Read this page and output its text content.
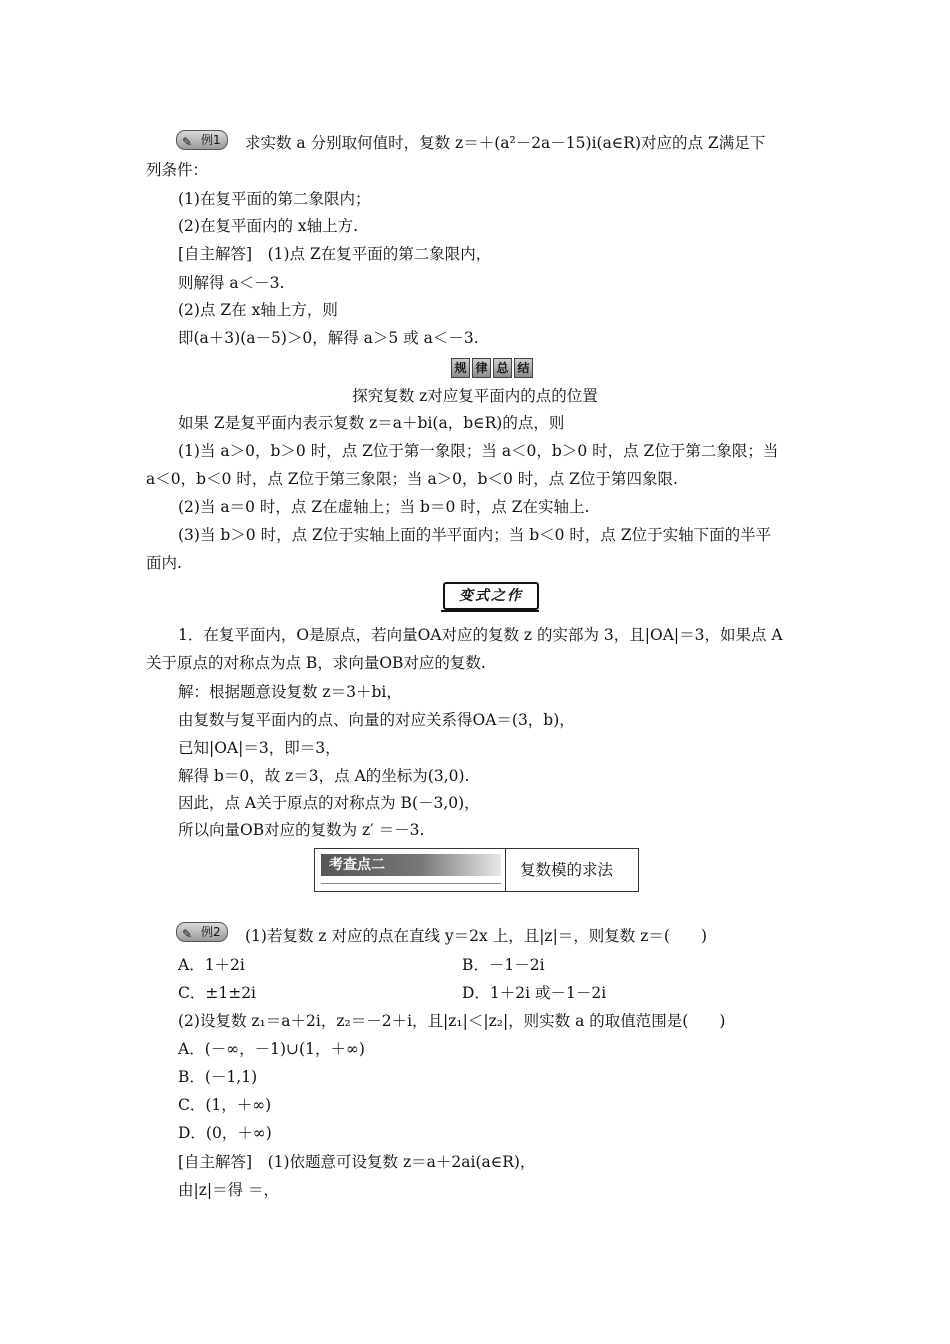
✎ 例1	求实数 a 分别取何值时，复数 z＝＋(a²－2a－15)i(a∈R)对应的点 Z满足下
列条件：
(1)在复平面的第二象限内；
(2)在复平面内的 x轴上方.
[自主解答]　(1)点 Z在复平面的第二象限内，
则解得 a＜－3.
(2)点 Z在 x轴上方，则
即(a＋3)(a－5)＞0，解得 a＞5 或 a＜－3.
规 律 总 结
探究复数 z对应复平面内的点的位置
如果 Z是复平面内表示复数 z＝a＋bi(a，b∈R)的点，则
(1)当 a＞0，b＞0 时，点 Z位于第一象限；当 a＜0，b＞0 时，点 Z位于第二象限；当
a＜0，b＜0 时，点 Z位于第三象限；当 a＞0，b＜0 时，点 Z位于第四象限.
(2)当 a＝0 时，点 Z在虚轴上；当 b＝0 时，点 Z在实轴上.
(3)当 b＞0 时，点 Z位于实轴上面的半平面内；当 b＜0 时，点 Z位于实轴下面的半平
面内.
变式之作
1．在复平面内，O是原点，若向量OA对应的复数 z 的实部为 3，且|OA|＝3，如果点 A
关于原点的对称点为点 B，求向量OB对应的复数.
解：根据题意设复数 z＝3＋bi，
由复数与复平面内的点、向量的对应关系得OA＝(3，b)，
已知|OA|＝3，即＝3，
解得 b＝0，故 z＝3，点 A的坐标为(3,0).
因此，点 A关于原点的对称点为 B(－3,0)，
所以向量OB对应的复数为 z′ ＝－3.
考查点二	复数模的求法
✎ 例2	(1)若复数 z 对应的点在直线 y＝2x 上，且|z|＝，则复数 z＝(　　)
A．1＋2i	B．－1－2i
C．±1±2i	D．1＋2i 或－1－2i
(2)设复数 z₁＝a＋2i，z₂＝－2＋i，且|z₁|＜|z₂|，则实数 a 的取值范围是(　　)
A．(－∞，－1)∪(1，＋∞)
B．(－1,1)
C．(1，＋∞)
D．(0，＋∞)
[自主解答]　(1)依题意可设复数 z＝a＋2ai(a∈R)，
由|z|＝得 ＝，
